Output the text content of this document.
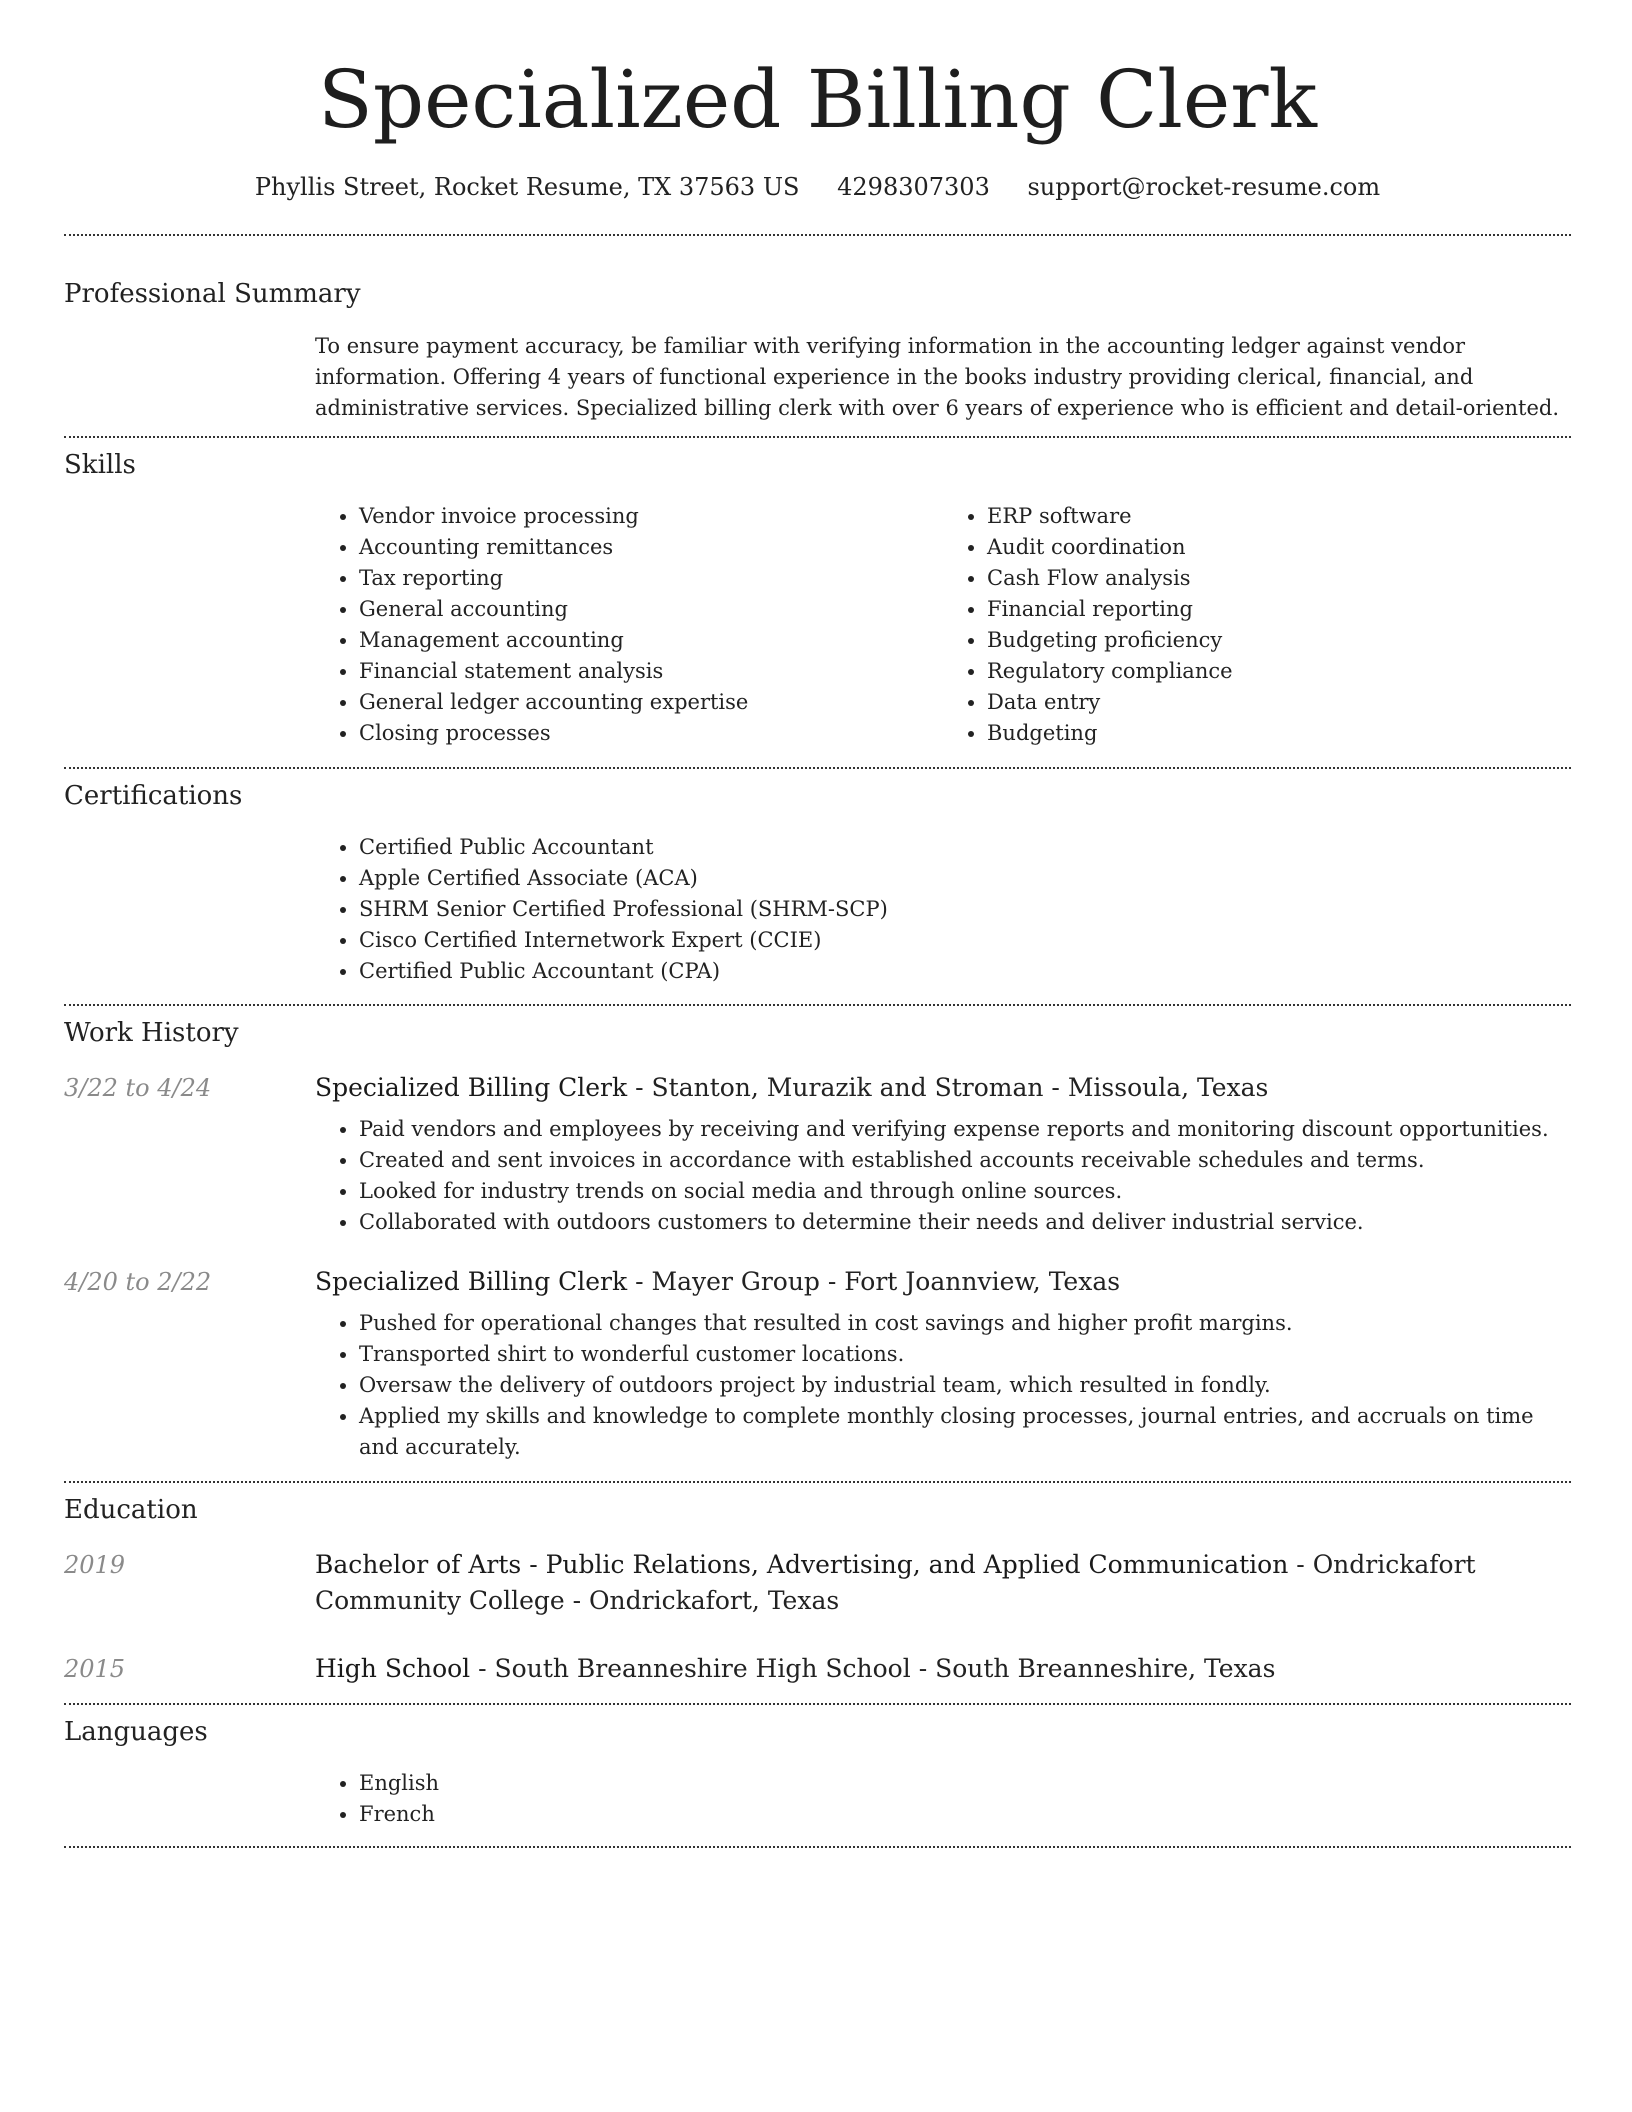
Specialized Billing Clerk
Phyllis Street, Rocket Resume, TX 37563 US 4298307303 support@rocket-resume.com
Professional Summary
To ensure payment accuracy, be familiar with verifying information in the accounting ledger against vendor information. Offering 4 years of functional experience in the books industry providing clerical, financial, and administrative services. Specialized billing clerk with over 6 years of experience who is efficient and detail-oriented.
Skills
• Vendor invoice processing
• Accounting remittances
• Tax reporting
• General accounting
• Management accounting
• Financial statement analysis
• General ledger accounting expertise
• Closing processes
• ERP software
• Audit coordination
• Cash Flow analysis
• Financial reporting
• Budgeting proficiency
• Regulatory compliance
• Data entry
• Budgeting
Certifications
• Certified Public Accountant
• Apple Certified Associate (ACA)
• SHRM Senior Certified Professional (SHRM-SCP)
• Cisco Certified Internetwork Expert (CCIE)
• Certified Public Accountant (CPA)
Work History
3/22 to 4/24	Specialized Billing Clerk - Stanton, Murazik and Stroman - Missoula, Texas
• Paid vendors and employees by receiving and verifying expense reports and monitoring discount opportunities.
• Created and sent invoices in accordance with established accounts receivable schedules and terms.
• Looked for industry trends on social media and through online sources.
• Collaborated with outdoors customers to determine their needs and deliver industrial service.
4/20 to 2/22	Specialized Billing Clerk - Mayer Group - Fort Joannview, Texas
• Pushed for operational changes that resulted in cost savings and higher profit margins.
• Transported shirt to wonderful customer locations.
• Oversaw the delivery of outdoors project by industrial team, which resulted in fondly.
• Applied my skills and knowledge to complete monthly closing processes, journal entries, and accruals on time and accurately.
Education
2019	Bachelor of Arts - Public Relations, Advertising, and Applied Communication - Ondrickafort Community College - Ondrickafort, Texas
2015	High School - South Breanneshire High School - South Breanneshire, Texas
Languages
• English
• French
